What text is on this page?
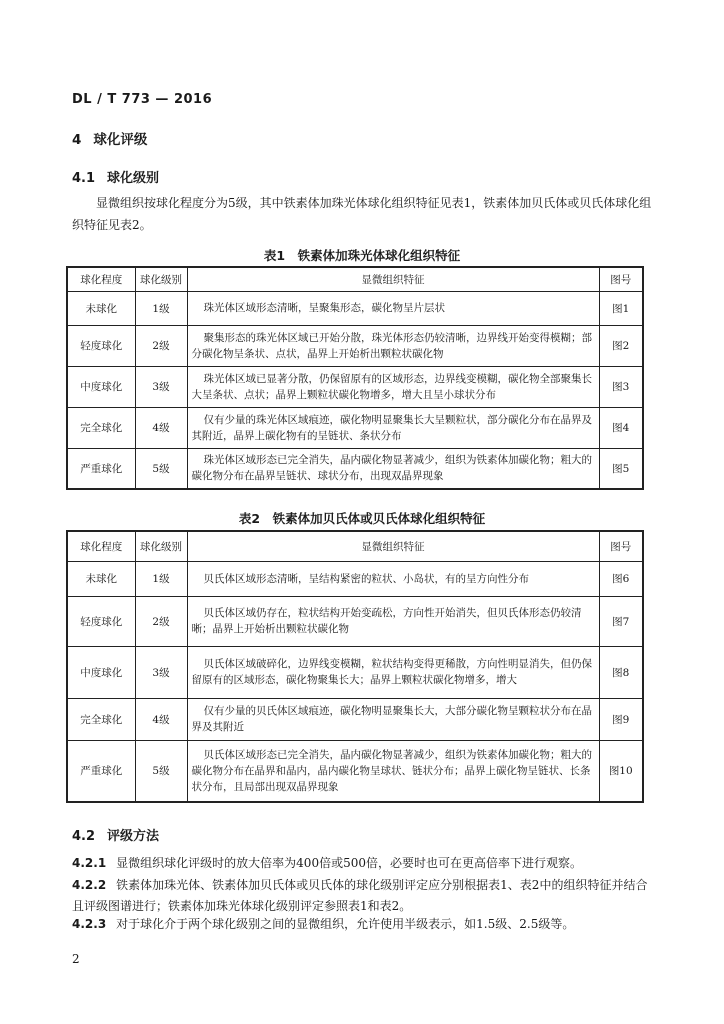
DL / T 773 — 2016
4 球化评级
4.1 球化级别
显微组织按球化程度分为5级，其中铁素体加珠光体球化组织特征见表1，铁素体加贝氏体或贝氏体球化组织特征见表2。
表1　铁素体加珠光体球化组织特征
球化程度	球化级别	显微组织特征	图号
未球化	1级	珠光体区域形态清晰，呈聚集形态，碳化物呈片层状	图1
轻度球化	2级	聚集形态的珠光体区域已开始分散，珠光体形态仍较清晰，边界线开始变得模糊；部分碳化物呈条状、点状，晶界上开始析出颗粒状碳化物	图2
中度球化	3级	珠光体区域已显著分散，仍保留原有的区域形态，边界线变模糊，碳化物全部聚集长大呈条状、点状；晶界上颗粒状碳化物增多，增大且呈小球状分布	图3
完全球化	4级	仅有少量的珠光体区域痕迹，碳化物明显聚集长大呈颗粒状，部分碳化分布在晶界及其附近，晶界上碳化物有的呈链状、条状分布	图4
严重球化	5级	珠光体区域形态已完全消失，晶内碳化物显著减少，组织为铁素体加碳化物；粗大的碳化物分布在晶界呈链状、球状分布，出现双晶界现象	图5
表2　铁素体加贝氏体或贝氏体球化组织特征
球化程度	球化级别	显微组织特征	图号
未球化	1级	贝氏体区域形态清晰，呈结构紧密的粒状、小岛状，有的呈方向性分布	图6
轻度球化	2级	贝氏体区域仍存在，粒状结构开始变疏松，方向性开始消失，但贝氏体形态仍较清晰；晶界上开始析出颗粒状碳化物	图7
中度球化	3级	贝氏体区域破碎化，边界线变模糊，粒状结构变得更稀散，方向性明显消失，但仍保留原有的区域形态，碳化物聚集长大；晶界上颗粒状碳化物增多，增大	图8
完全球化	4级	仅有少量的贝氏体区域痕迹，碳化物明显聚集长大，大部分碳化物呈颗粒状分布在晶界及其附近	图9
严重球化	5级	贝氏体区域形态已完全消失，晶内碳化物显著减少，组织为铁素体加碳化物；粗大的碳化物分布在晶界和晶内，晶内碳化物呈球状、链状分布；晶界上碳化物呈链状、长条状分布，且局部出现双晶界现象	图10
4.2 评级方法
4.2.1 显微组织球化评级时的放大倍率为400倍或500倍，必要时也可在更高倍率下进行观察。
4.2.2 铁素体加珠光体、铁素体加贝氏体或贝氏体的球化级别评定应分别根据表1、表2中的组织特征并结合且评级图谱进行；铁素体加珠光体球化级别评定参照表1和表2。
4.2.3 对于球化介于两个球化级别之间的显微组织，允许使用半级表示，如1.5级、2.5级等。
2
